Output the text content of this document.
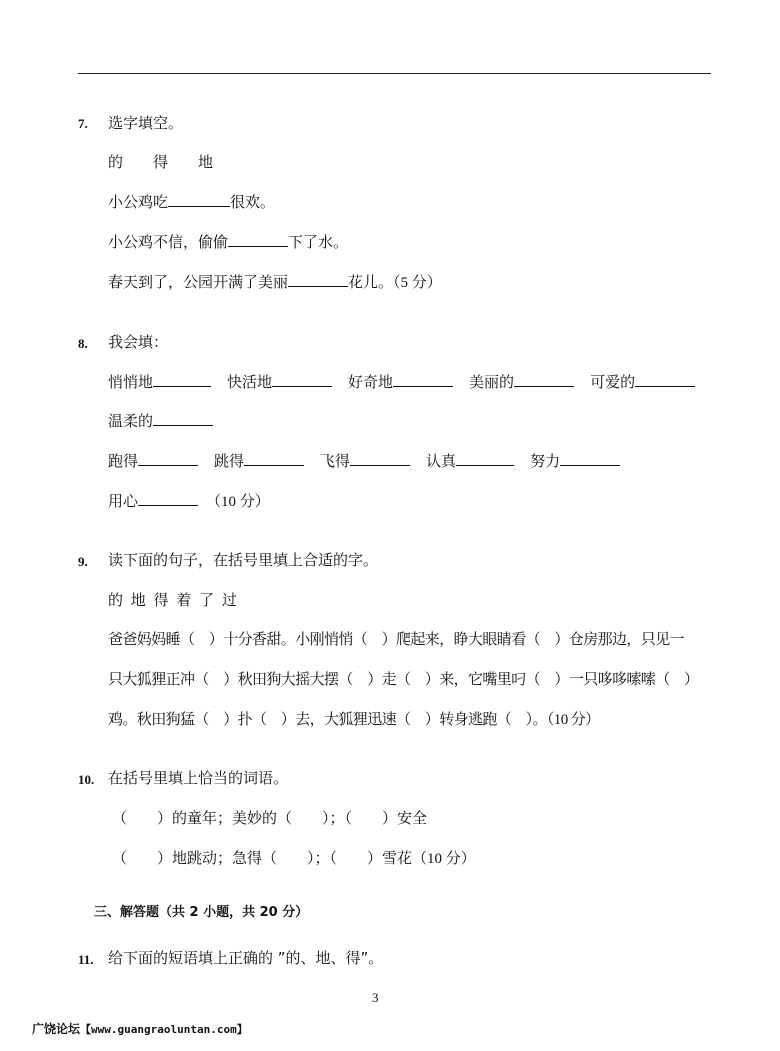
7. 选字填空。
的　　得　　地
小公鸡吃	很欢。
小公鸡不信，偷偷	下了水。
春天到了，公园开满了美丽	花儿。（5 分）
8. 我会填：
悄悄地	快活地	好奇地	美丽的	可爱的
温柔的
跑得	跳得	飞得	认真	努力
用心	（10 分）
9. 读下面的句子，在括号里填上合适的字。
的 地 得 着 了 过
爸爸妈妈睡（　）十分香甜。小刚悄悄（　）爬起来，睁大眼睛看（　）仓房那边，只见一
只大狐狸正冲（　）秋田狗大摇大摆（　）走（　）来，它嘴里叼（　）一只哆哆嗦嗦（　）
鸡。秋田狗猛（　）扑（　）去，大狐狸迅速（　）转身逃跑（　）。（10 分）
10. 在括号里填上恰当的词语。
（　　）的童年；美妙的（　　）；（　　）安全
（　　）地跳动；急得（　　）；（　　）雪花（10 分）
三、解答题（共 2 小题，共 20 分）
11. 给下面的短语填上正确的 ”的、地、得”。
3
广饶论坛【www.guangraoluntan.com】
